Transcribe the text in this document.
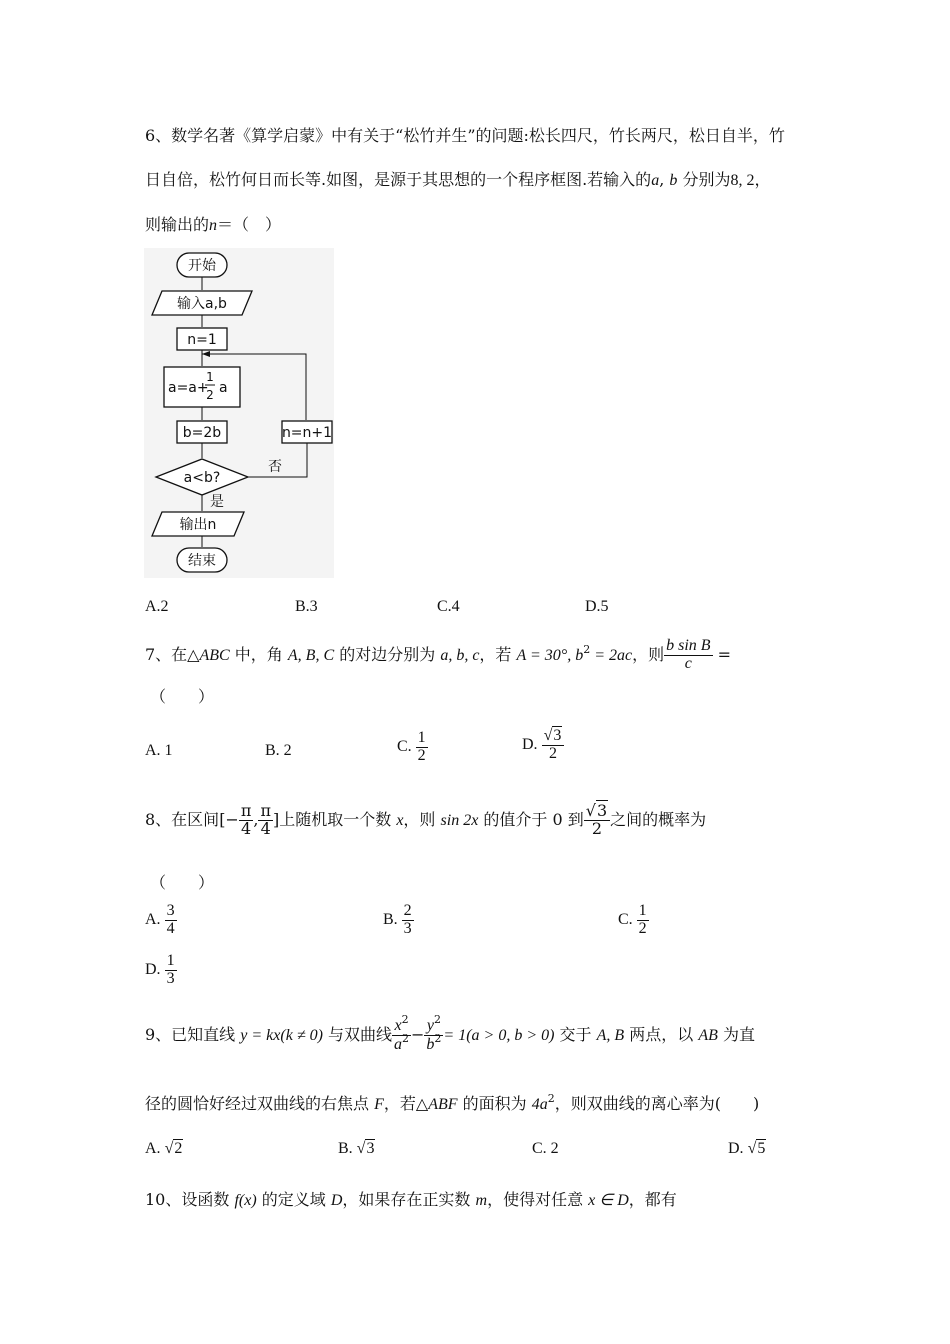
6、数学名著《算学启蒙》中有关于“松竹并生”的问题:松长四尺，竹长两尺，松日自半，竹
日自倍，松竹何日而长等.如图，是源于其思想的一个程序框图.若输入的a, b 分别为8, 2，
则输出的n＝（　）
开始
输入a,b
n=1
a=a+
1
2 a
b=2b	n=n+1
a<b?
否
是
输出n
结束
A.2	B.3	C.4	D.5
7、在△ABC 中，角 A, B, C 的对边分别为 a, b, c，若 A = 30°, $b^2 = 2ac$，则 $\frac{\text{b sin B}}{c}$ =
（　　）
A. 1	B. 2	C. $\frac{1}{2}$	D. $\frac{√3}{2}$
8、在区间[− $\frac{\pi}{4}$ , $\frac{\pi}{4}$ ]上随机取一个数 x，则 sin 2x 的值介于 0 到 $\frac{√3}{2}$ 之间的概率为
（　　）
A. $\frac{3}{4}$	B. $\frac{2}{3}$	C. $\frac{1}{2}$
D. $\frac{1}{3}$
9、已知直线 y = kx(k ≠ 0) 与双曲线 $\frac{x^2}{a^2} - \frac{y^2}{b^2} = 1(a > 0$, b > 0) 交于 A, B 两点，以 AB 为直
径的圆恰好经过双曲线的右焦点 F，若△ABF 的面积为 $4a^2$，则双曲线的离心率为(　　)
A. √2	B. √3	C. 2	D. √5
10、设函数 f(x) 的定义域 D，如果存在正实数 m，使得对任意 x ∈ D，都有
